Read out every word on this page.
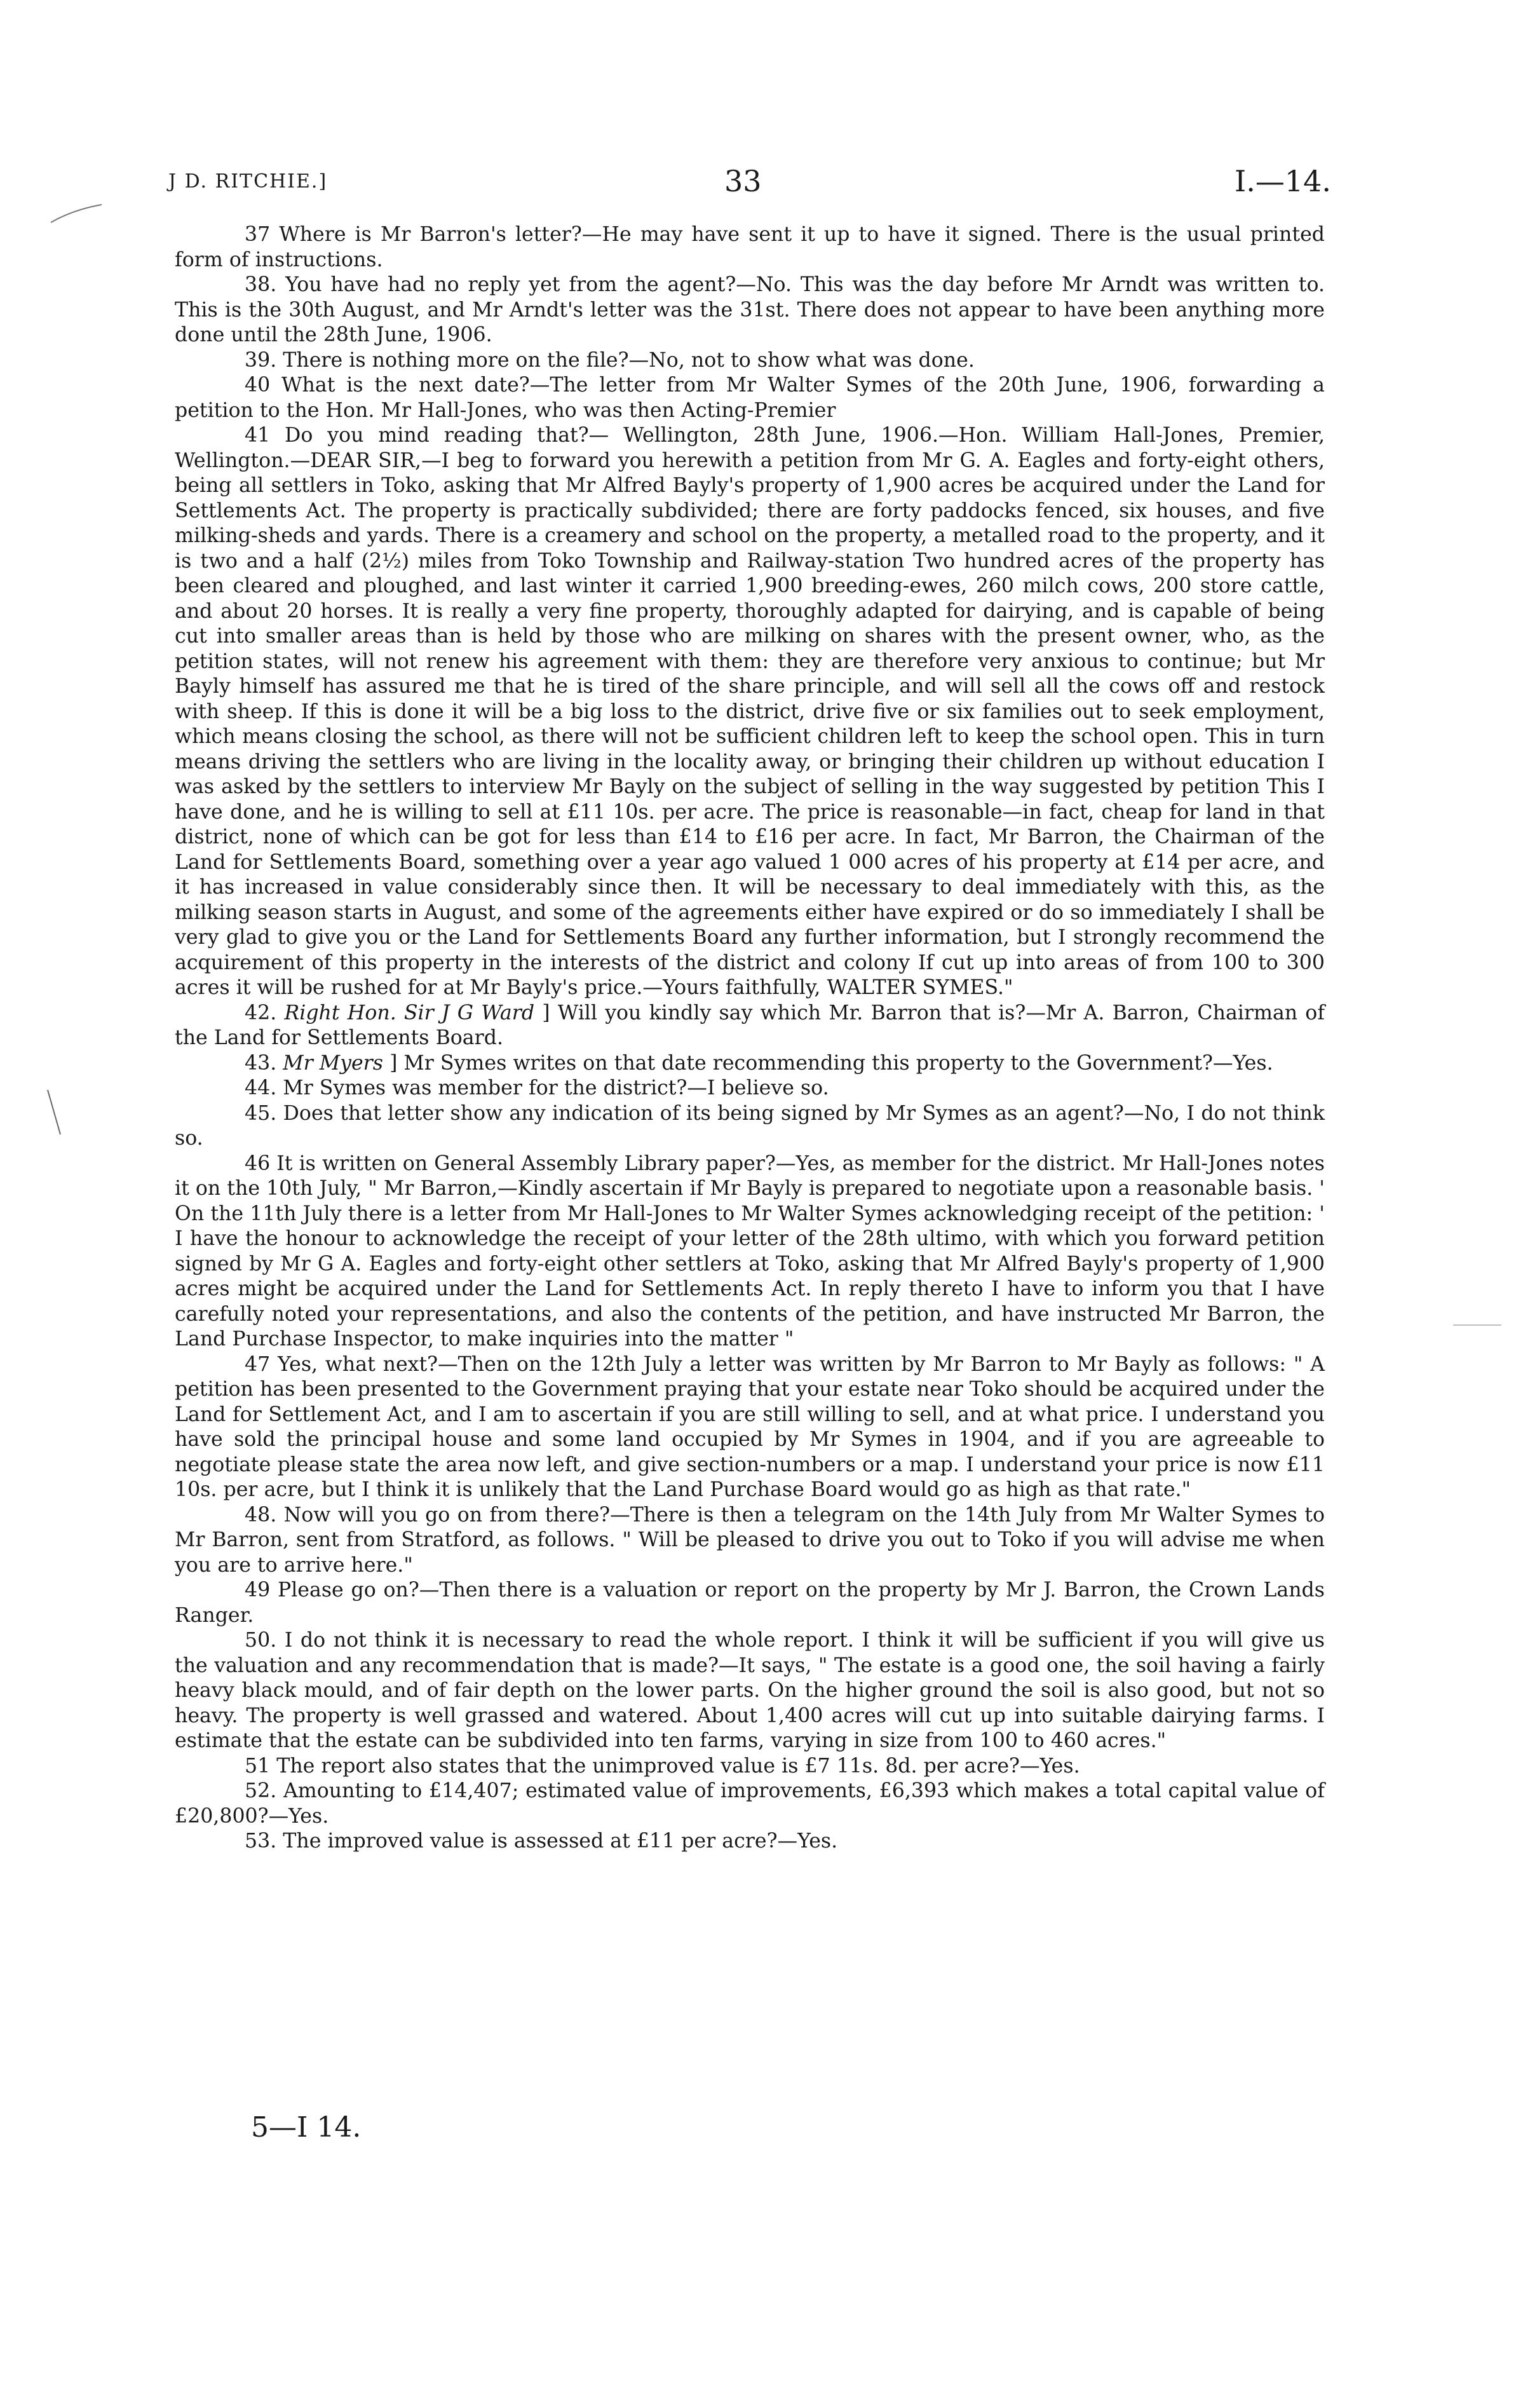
J D. RITCHIE.]	33	I.—14.

37 Where is Mr Barron's letter?—He may have sent it up to have it signed. There is the usual printed form of instructions.

38. You have had no reply yet from the agent?—No. This was the day before Mr Arndt was written to. This is the 30th August, and Mr Arndt's letter was the 31st. There does not appear to have been anything more done until the 28th June, 1906.

39. There is nothing more on the file?—No, not to show what was done.

40 What is the next date?—The letter from Mr Walter Symes of the 20th June, 1906, forwarding a petition to the Hon. Mr Hall-Jones, who was then Acting-Premier

41 Do you mind reading that?— Wellington, 28th June, 1906.—Hon. William Hall-Jones, Premier, Wellington.—DEAR SIR,—I beg to forward you herewith a petition from Mr G. A. Eagles and forty-eight others, being all settlers in Toko, asking that Mr Alfred Bayly's property of 1,900 acres be acquired under the Land for Settlements Act. The property is practically subdivided; there are forty paddocks fenced, six houses, and five milking-sheds and yards. There is a creamery and school on the property, a metalled road to the property, and it is two and a half (2½) miles from Toko Township and Railway-station Two hundred acres of the property has been cleared and ploughed, and last winter it carried 1,900 breeding-ewes, 260 milch cows, 200 store cattle, and about 20 horses. It is really a very fine property, thoroughly adapted for dairying, and is capable of being cut into smaller areas than is held by those who are milking on shares with the present owner, who, as the petition states, will not renew his agreement with them: they are therefore very anxious to continue; but Mr Bayly himself has assured me that he is tired of the share principle, and will sell all the cows off and restock with sheep. If this is done it will be a big loss to the district, drive five or six families out to seek employment, which means closing the school, as there will not be sufficient children left to keep the school open. This in turn means driving the settlers who are living in the locality away, or bringing their children up without education I was asked by the settlers to interview Mr Bayly on the subject of selling in the way suggested by petition This I have done, and he is willing to sell at £11 10s. per acre. The price is reasonable—in fact, cheap for land in that district, none of which can be got for less than £14 to £16 per acre. In fact, Mr Barron, the Chairman of the Land for Settlements Board, something over a year ago valued 1 000 acres of his property at £14 per acre, and it has increased in value considerably since then. It will be necessary to deal immediately with this, as the milking season starts in August, and some of the agreements either have expired or do so immediately I shall be very glad to give you or the Land for Settlements Board any further information, but I strongly recommend the acquirement of this property in the interests of the district and colony If cut up into areas of from 100 to 300 acres it will be rushed for at Mr Bayly's price.—Yours faithfully, WALTER SYMES."

42. Right Hon. Sir J G Ward ] Will you kindly say which Mr. Barron that is?—Mr A. Barron, Chairman of the Land for Settlements Board.

43. Mr Myers ] Mr Symes writes on that date recommending this property to the Government?—Yes.

44. Mr Symes was member for the district?—I believe so.

45. Does that letter show any indication of its being signed by Mr Symes as an agent?—No, I do not think so.

46 It is written on General Assembly Library paper?—Yes, as member for the district. Mr Hall-Jones notes it on the 10th July, " Mr Barron,—Kindly ascertain if Mr Bayly is prepared to negotiate upon a reasonable basis. ' On the 11th July there is a letter from Mr Hall-Jones to Mr Walter Symes acknowledging receipt of the petition: ' I have the honour to acknowledge the receipt of your letter of the 28th ultimo, with which you forward petition signed by Mr G A. Eagles and forty-eight other settlers at Toko, asking that Mr Alfred Bayly's property of 1,900 acres might be acquired under the Land for Settlements Act. In reply thereto I have to inform you that I have carefully noted your representations, and also the contents of the petition, and have instructed Mr Barron, the Land Purchase Inspector, to make inquiries into the matter "

47 Yes, what next?—Then on the 12th July a letter was written by Mr Barron to Mr Bayly as follows: " A petition has been presented to the Government praying that your estate near Toko should be acquired under the Land for Settlement Act, and I am to ascertain if you are still willing to sell, and at what price. I understand you have sold the principal house and some land occupied by Mr Symes in 1904, and if you are agreeable to negotiate please state the area now left, and give section-numbers or a map. I understand your price is now £11 10s. per acre, but I think it is unlikely that the Land Purchase Board would go as high as that rate."

48. Now will you go on from there?—There is then a telegram on the 14th July from Mr Walter Symes to Mr Barron, sent from Stratford, as follows. " Will be pleased to drive you out to Toko if you will advise me when you are to arrive here."

49 Please go on?—Then there is a valuation or report on the property by Mr J. Barron, the Crown Lands Ranger.

50. I do not think it is necessary to read the whole report. I think it will be sufficient if you will give us the valuation and any recommendation that is made?—It says, " The estate is a good one, the soil having a fairly heavy black mould, and of fair depth on the lower parts. On the higher ground the soil is also good, but not so heavy. The property is well grassed and watered. About 1,400 acres will cut up into suitable dairying farms. I estimate that the estate can be subdivided into ten farms, varying in size from 100 to 460 acres."

51 The report also states that the unimproved value is £7 11s. 8d. per acre?—Yes.

52. Amounting to £14,407; estimated value of improvements, £6,393 which makes a total capital value of £20,800?—Yes.

53. The improved value is assessed at £11 per acre?—Yes.

5—I 14.
